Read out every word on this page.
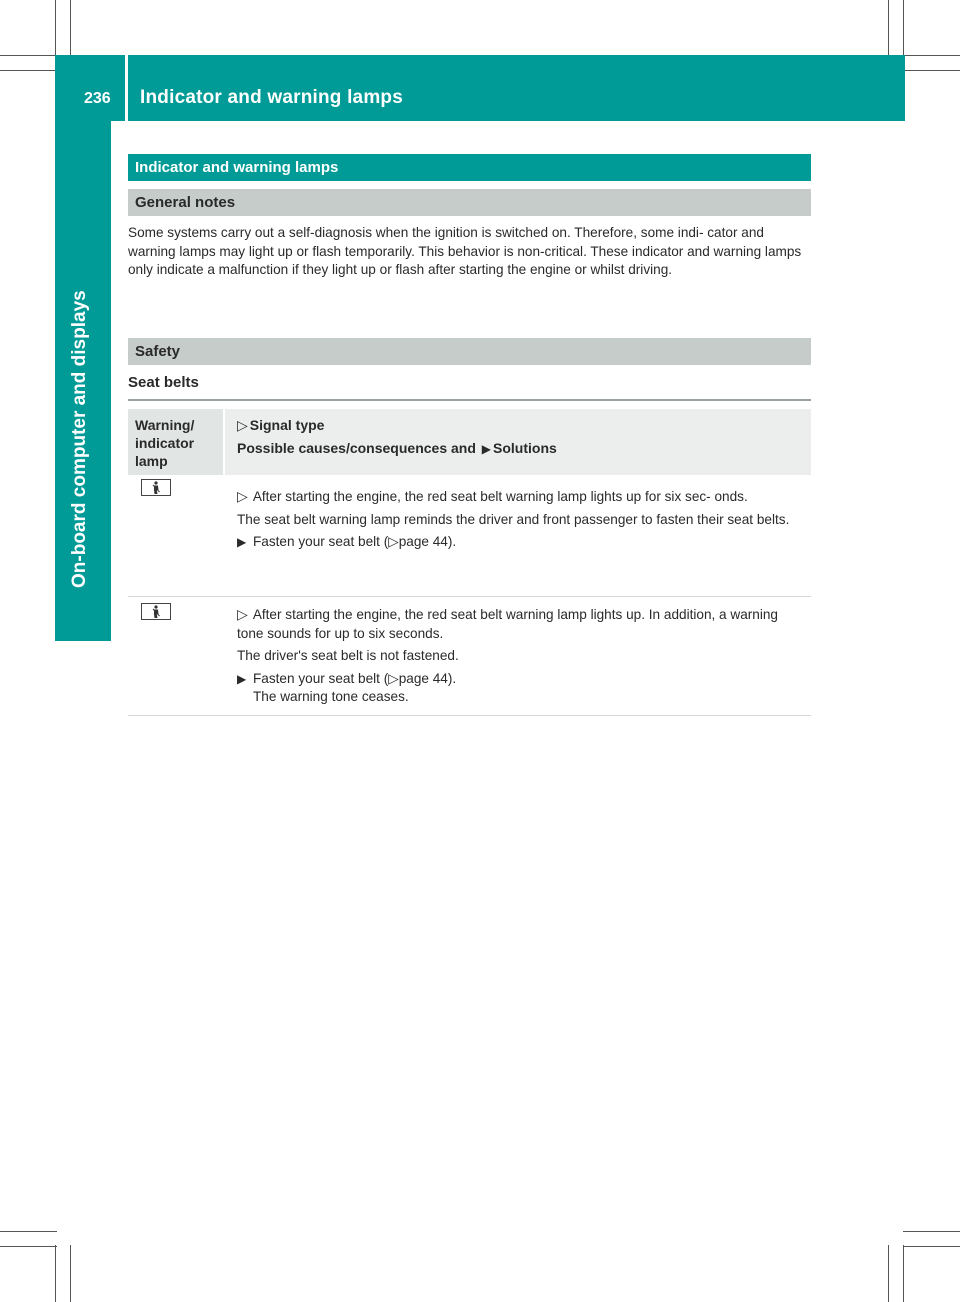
236 Indicator and warning lamps
On-board computer and displays
Indicator and warning lamps
General notes
Some systems carry out a self-diagnosis when the ignition is switched on. Therefore, some indi- cator and warning lamps may light up or flash temporarily. This behavior is non-critical. These indicator and warning lamps only indicate a malfunction if they light up or flash after starting the engine or whilst driving.
Safety
Seat belts
Warning/
indicator
lamp
▷ Signal type
Possible causes/consequences and ▶ Solutions

▷ After starting the engine, the red seat belt warning lamp lights up for six sec- onds.

The seat belt warning lamp reminds the driver and front passenger to fasten their seat belts.

▶ Fasten your seat belt (▷page 44).

▷ After starting the engine, the red seat belt warning lamp lights up. In addition, a warning tone sounds for up to six seconds.

The driver's seat belt is not fastened.

▶ Fasten your seat belt (▷page 44).

The warning tone ceases.
